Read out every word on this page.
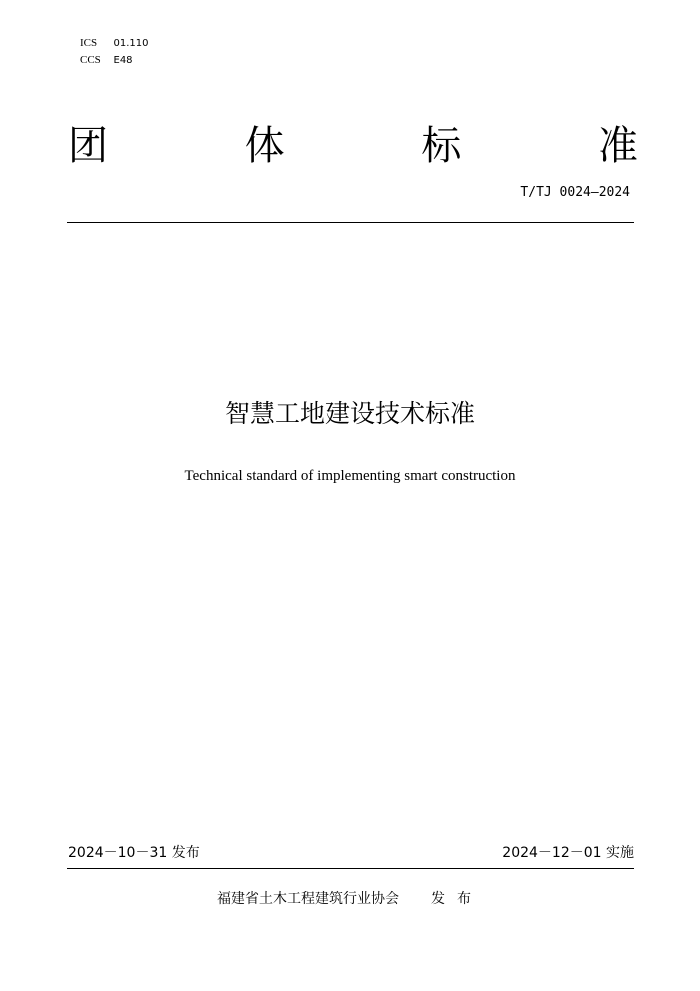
ICS 01.110
CCS E48
团	体	标	准
T/TJ 0024—2024
智慧工地建设技术标准
Technical standard of implementing smart construction
2024－10－31 发布	2024－12－01 实施
福建省土木工程建筑行业协会 发布
